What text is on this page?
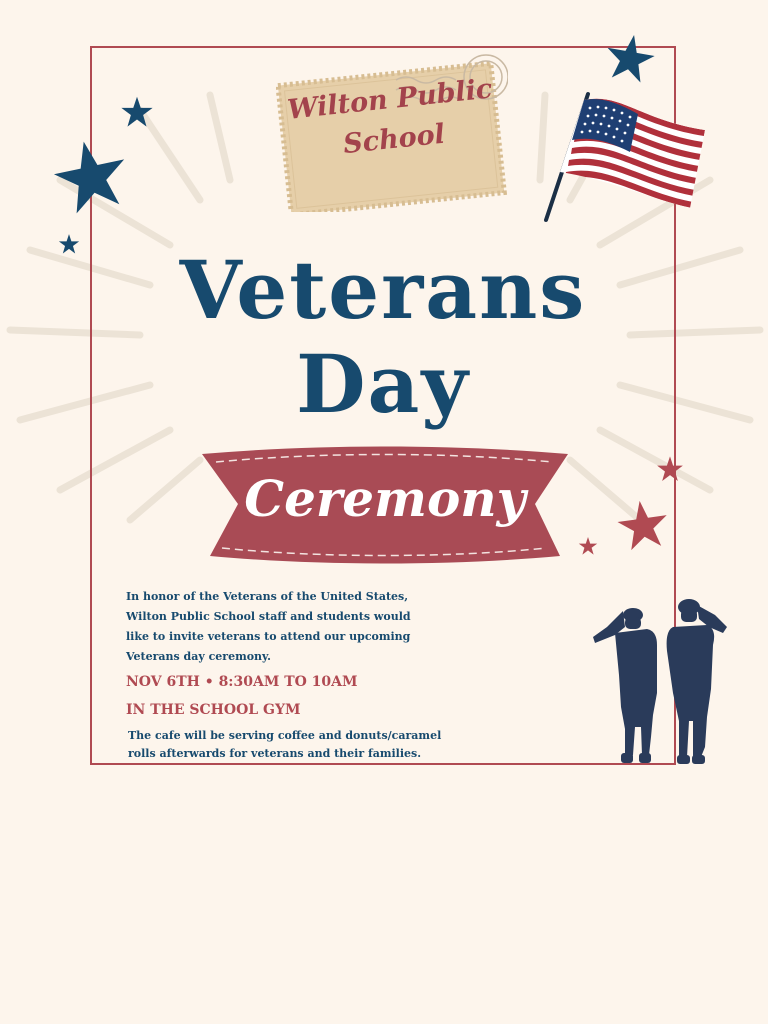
Wilton Public
School
Veterans
Day
Ceremony
In honor of the Veterans of the United States,
Wilton Public School staff and students would
like to invite veterans to attend our upcoming
Veterans day ceremony.
NOV 6TH • 8:30AM TO 10AM
IN THE SCHOOL GYM
The cafe will be serving coffee and donuts/caramel
rolls afterwards for veterans and their families.
